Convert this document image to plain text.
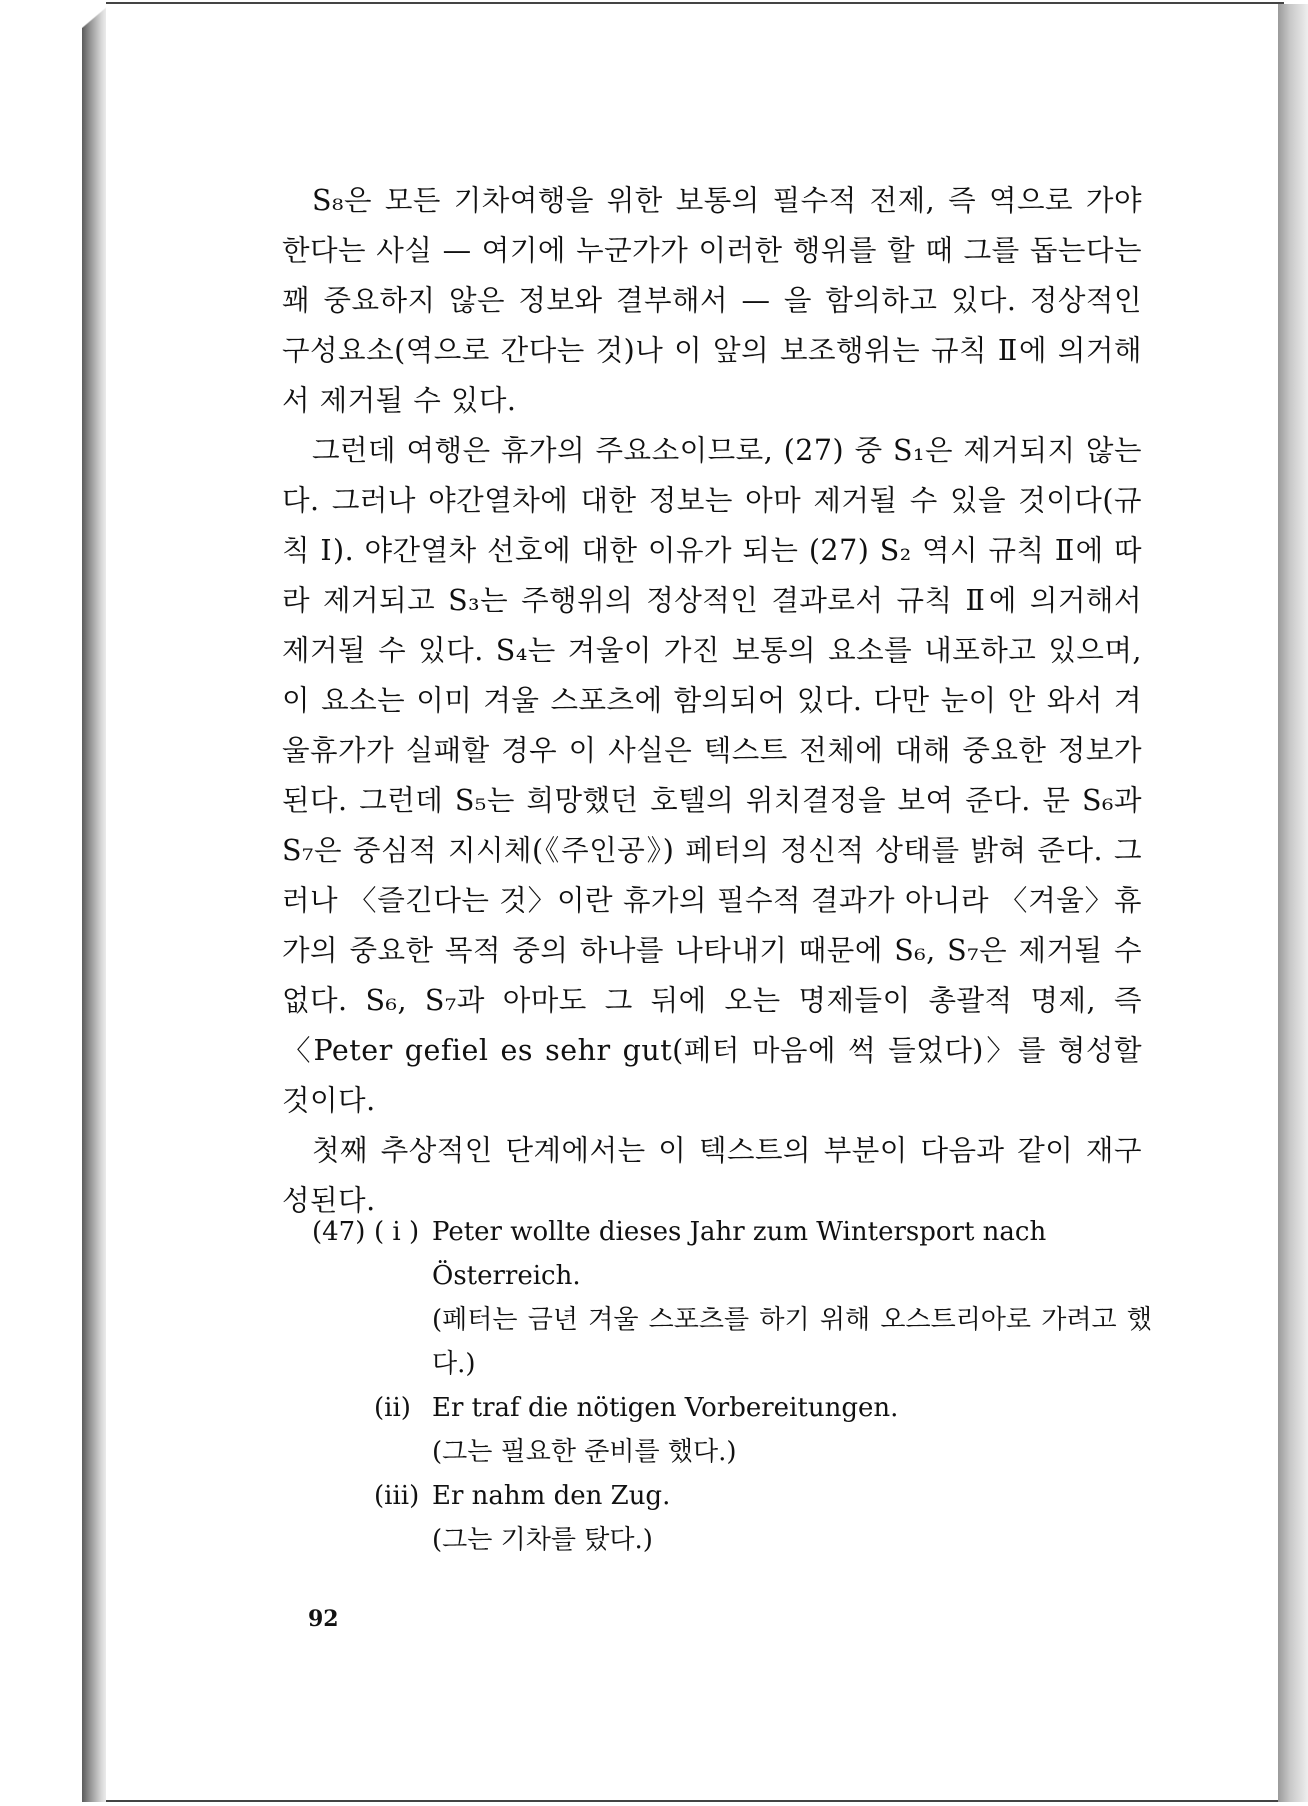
S₈은 모든 기차여행을 위한 보통의 필수적 전제, 즉 역으로 가야 한다는 사실 — 여기에 누군가가 이러한 행위를 할 때 그를 돕는다는 꽤 중요하지 않은 정보와 결부해서 — 을 함의하고 있다. 정상적인 구성요소(역으로 간다는 것)나 이 앞의 보조행위는 규칙 Ⅱ에 의거해서 제거될 수 있다.

그런데 여행은 휴가의 주요소이므로, (27) 중 S₁은 제거되지 않는다. 그러나 야간열차에 대한 정보는 아마 제거될 수 있을 것이다(규칙 Ⅰ). 야간열차 선호에 대한 이유가 되는 (27) S₂ 역시 규칙 Ⅱ에 따라 제거되고 S₃는 주행위의 정상적인 결과로서 규칙 Ⅱ에 의거해서 제거될 수 있다. S₄는 겨울이 가진 보통의 요소를 내포하고 있으며, 이 요소는 이미 겨울 스포츠에 함의되어 있다. 다만 눈이 안 와서 겨울휴가가 실패할 경우 이 사실은 텍스트 전체에 대해 중요한 정보가 된다. 그런데 S₅는 희망했던 호텔의 위치결정을 보여 준다. 문 S₆과 S₇은 중심적 지시체(《주인공》) 페터의 정신적 상태를 밝혀 준다. 그러나 〈즐긴다는 것〉이란 휴가의 필수적 결과가 아니라 〈겨울〉휴가의 중요한 목적 중의 하나를 나타내기 때문에 S₆, S₇은 제거될 수 없다. S₆, S₇과 아마도 그 뒤에 오는 명제들이 총괄적 명제, 즉 〈Peter gefiel es sehr gut(페터 마음에 썩 들었다)〉를 형성할 것이다.

첫째 추상적인 단계에서는 이 텍스트의 부분이 다음과 같이 재구성된다.

(47) ( i ) Peter wollte dieses Jahr zum Wintersport nach Österreich.
(페터는 금년 겨울 스포츠를 하기 위해 오스트리아로 가려고 했다.)
(ii) Er traf die nötigen Vorbereitungen.
(그는 필요한 준비를 했다.)
(iii) Er nahm den Zug.
(그는 기차를 탔다.)
92
